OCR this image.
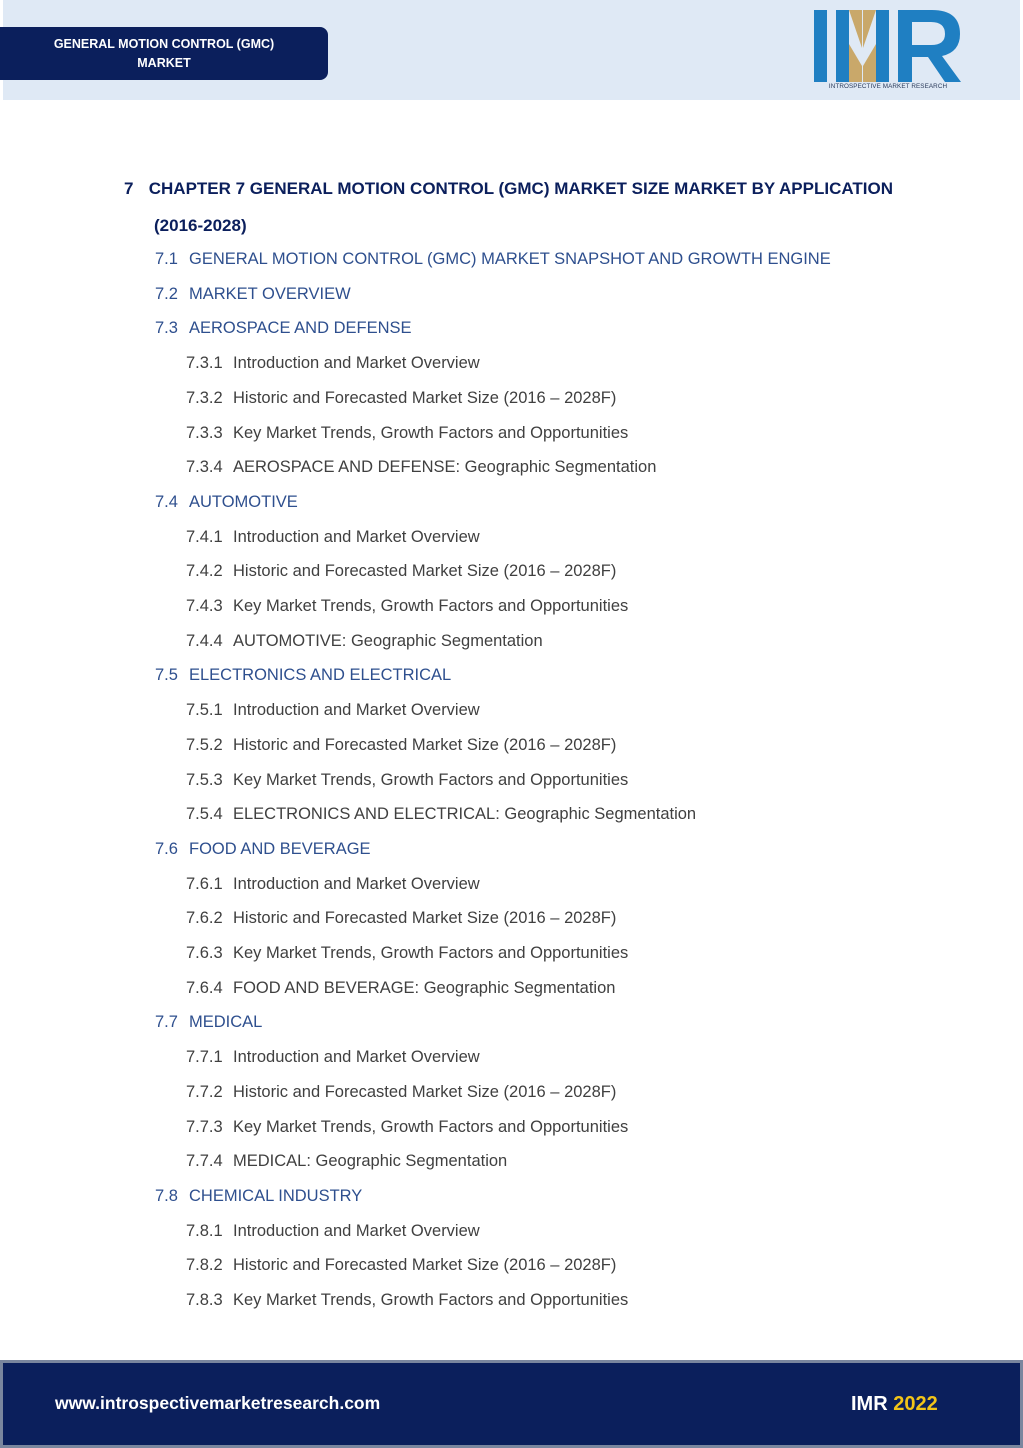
GENERAL MOTION CONTROL (GMC)
MARKET
INTROSPECTIVE MARKET RESEARCH
7 CHAPTER 7 GENERAL MOTION CONTROL (GMC) MARKET SIZE MARKET BY APPLICATION
(2016-2028)
7.1 GENERAL MOTION CONTROL (GMC) MARKET SNAPSHOT AND GROWTH ENGINE
7.2 MARKET OVERVIEW
7.3 AEROSPACE AND DEFENSE
7.3.1 Introduction and Market Overview
7.3.2 Historic and Forecasted Market Size (2016 – 2028F)
7.3.3 Key Market Trends, Growth Factors and Opportunities
7.3.4 AEROSPACE AND DEFENSE: Geographic Segmentation
7.4 AUTOMOTIVE
7.4.1 Introduction and Market Overview
7.4.2 Historic and Forecasted Market Size (2016 – 2028F)
7.4.3 Key Market Trends, Growth Factors and Opportunities
7.4.4 AUTOMOTIVE: Geographic Segmentation
7.5 ELECTRONICS AND ELECTRICAL
7.5.1 Introduction and Market Overview
7.5.2 Historic and Forecasted Market Size (2016 – 2028F)
7.5.3 Key Market Trends, Growth Factors and Opportunities
7.5.4 ELECTRONICS AND ELECTRICAL: Geographic Segmentation
7.6 FOOD AND BEVERAGE
7.6.1 Introduction and Market Overview
7.6.2 Historic and Forecasted Market Size (2016 – 2028F)
7.6.3 Key Market Trends, Growth Factors and Opportunities
7.6.4 FOOD AND BEVERAGE: Geographic Segmentation
7.7 MEDICAL
7.7.1 Introduction and Market Overview
7.7.2 Historic and Forecasted Market Size (2016 – 2028F)
7.7.3 Key Market Trends, Growth Factors and Opportunities
7.7.4 MEDICAL: Geographic Segmentation
7.8 CHEMICAL INDUSTRY
7.8.1 Introduction and Market Overview
7.8.2 Historic and Forecasted Market Size (2016 – 2028F)
7.8.3 Key Market Trends, Growth Factors and Opportunities
www.introspectivemarketresearch.com	IMR 2022
